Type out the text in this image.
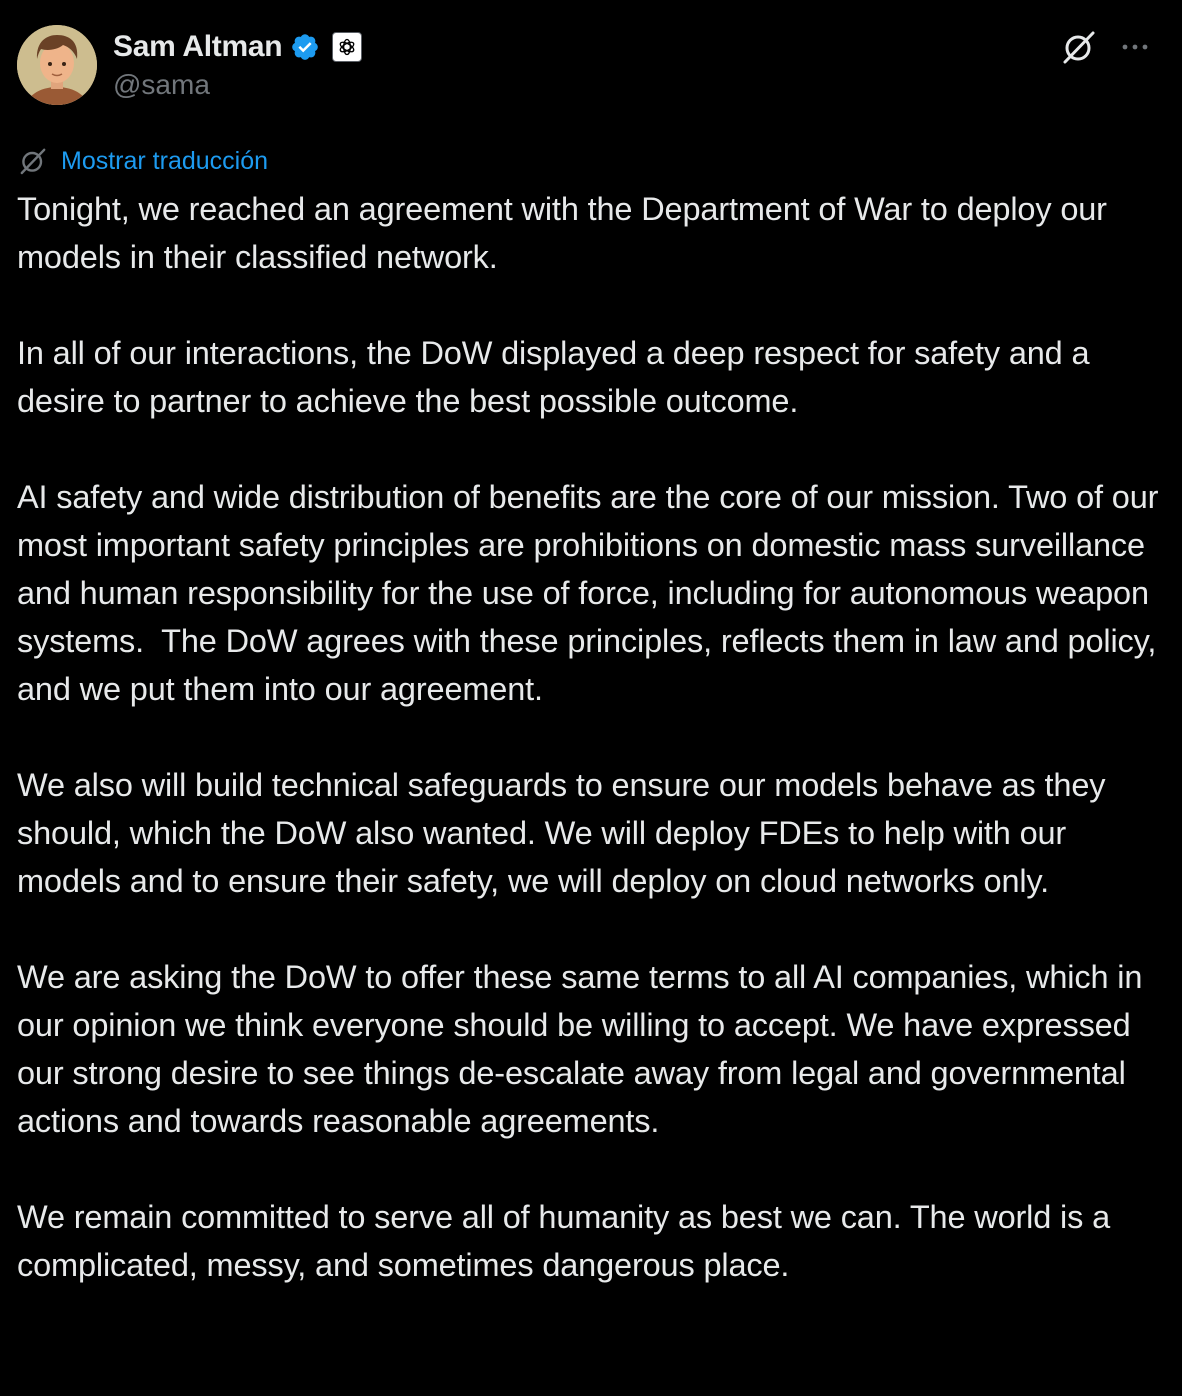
Sam Altman
@sama
Mostrar traducción

Tonight, we reached an agreement with the Department of War to deploy our models in their classified network.

In all of our interactions, the DoW displayed a deep respect for safety and a desire to partner to achieve the best possible outcome.

AI safety and wide distribution of benefits are the core of our mission. Two of our most important safety principles are prohibitions on domestic mass surveillance and human responsibility for the use of force, including for autonomous weapon systems.  The DoW agrees with these principles, reflects them in law and policy, and we put them into our agreement.

We also will build technical safeguards to ensure our models behave as they should, which the DoW also wanted. We will deploy FDEs to help with our models and to ensure their safety, we will deploy on cloud networks only.

We are asking the DoW to offer these same terms to all AI companies, which in our opinion we think everyone should be willing to accept. We have expressed our strong desire to see things de-escalate away from legal and governmental actions and towards reasonable agreements.

We remain committed to serve all of humanity as best we can. The world is a complicated, messy, and sometimes dangerous place.
